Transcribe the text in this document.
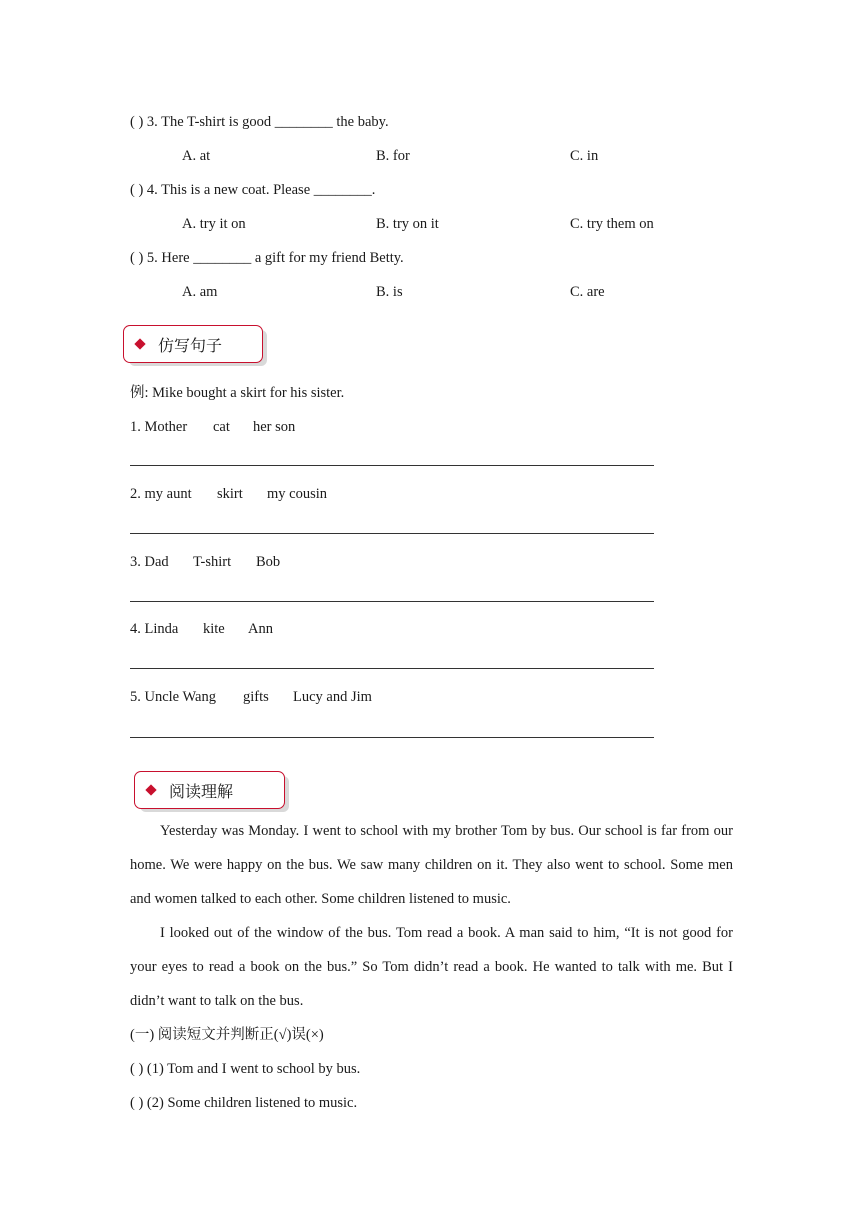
( ) 3. The T-shirt is good ________ the baby.
A. at	B. for	C. in
( ) 4. This is a new coat. Please ________.
A. try it on	B. try on it	C. try them on
( ) 5. Here ________ a gift for my friend Betty.
A. am	B. is	C. are
仿写句子
例: Mike bought a skirt for his sister.
1. Mother cat her son
2. my aunt skirt my cousin
3. Dad T-shirt Bob
4. Linda kite Ann
5. Uncle Wang gifts Lucy and Jim
阅读理解

Yesterday was Monday. I went to school with my brother Tom by bus. Our school is far from our home. We were happy on the bus. We saw many children on it. They also went to school. Some men and women talked to each other. Some children listened to music.

I looked out of the window of the bus. Tom read a book. A man said to him, “It is not good for your eyes to read a book on the bus.” So Tom didn’t read a book. He wanted to talk with me. But I didn’t want to talk on the bus.

(一) 阅读短文并判断正(√)误(×)
( ) (1) Tom and I went to school by bus.
( ) (2) Some children listened to music.
